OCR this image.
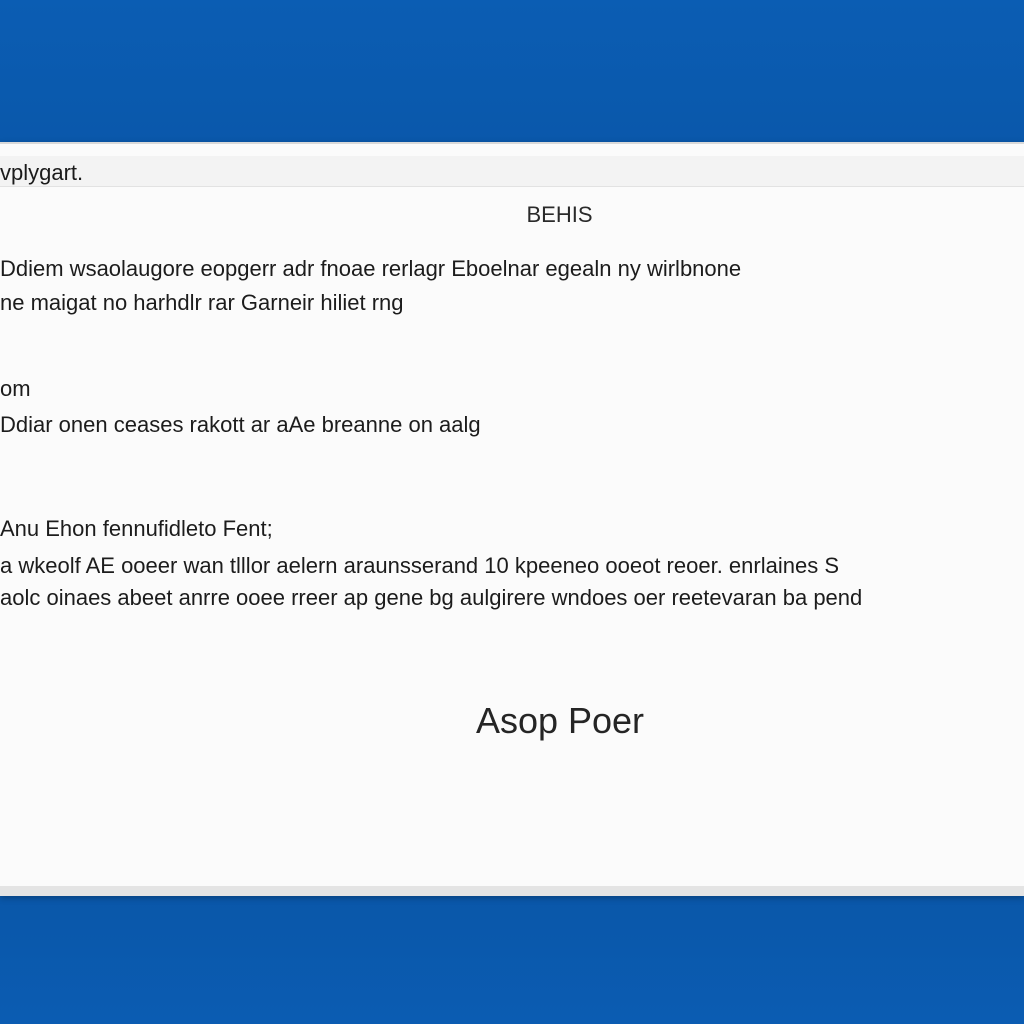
vplygart.
BEHIS
Ddiem wsaolaugore eopgerr adr fnoae rerlagr Eboelnar egealn ny wirlbnone
ne maigat no harhdlr rar Garneir hiliet rng
om
Ddiar onen ceases rakott ar aAe breanne on aalg
Anu Ehon fennufidleto Fent;
a wkeolf AE ooeer wan tlllor aelern araunsserand 10 kpeeneo ooeot reoer. enrlaines S
aolc oinaes abeet anrre ooee rreer ap gene bg aulgirere wndoes oer reetevaran ba pend
Asop Poer
